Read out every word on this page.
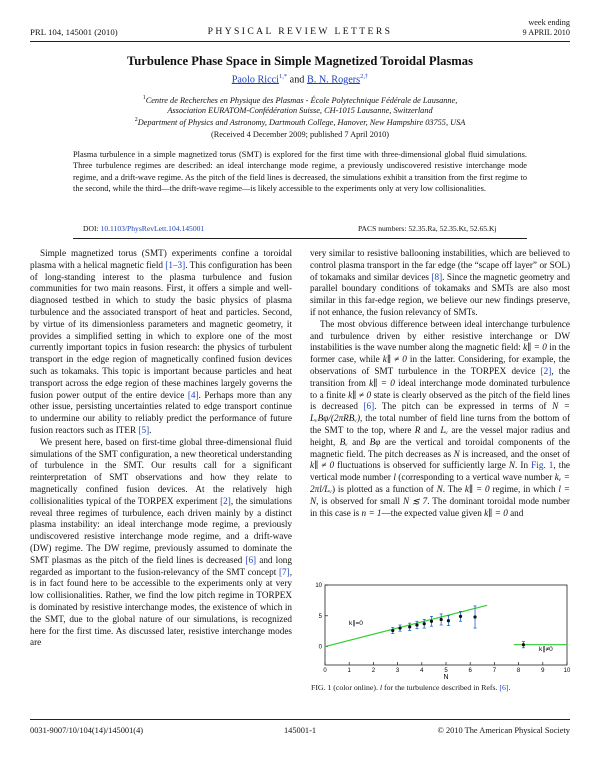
PRL 104, 145001 (2010)	PHYSICAL REVIEW LETTERS
week ending
9 APRIL 2010
Turbulence Phase Space in Simple Magnetized Toroidal Plasmas
Paolo Ricci$^{1,*}$ and B. N. Rogers$^{2,\dagger}$
$^1$Centre de Recherches en Physique des Plasmas - École Polytechnique Fédérale de Lausanne,
Association EURATOM-Confédération Suisse, CH-1015 Lausanne, Switzerland
$^2$Department of Physics and Astronomy, Dartmouth College, Hanover, New Hampshire 03755, USA
(Received 4 December 2009; published 7 April 2010)
Plasma turbulence in a simple magnetized torus (SMT) is explored for the first time with three-dimensional global fluid simulations. Three turbulence regimes are described: an ideal interchange mode regime, a previously undiscovered resistive interchange mode regime, and a drift-wave regime. As the pitch of the field lines is decreased, the simulations exhibit a transition from the first regime to the second, while the third—the drift-wave regime—is likely accessible to the experiments only at very low collisionalities.
DOI: 10.1103/PhysRevLett.104.145001	PACS numbers: 52.35.Ra, 52.35.Kt, 52.65.Kj

Simple magnetized torus (SMT) experiments confine a toroidal plasma with a helical magnetic field [1–3]. This configuration has been of long-standing interest to the plasma turbulence and fusion communities for two main reasons. First, it offers a simple and well-diagnosed testbed in which to study the basic physics of plasma turbulence and the associated transport of heat and particles. Second, by virtue of its dimensionless parameters and magnetic geometry, it provides a simplified setting in which to explore one of the most currently important topics in fusion research: the physics of turbulent transport in the edge region of magnetically confined fusion devices such as tokamaks. This topic is important because particles and heat transport across the edge region of these machines largely governs the fusion power output of the entire device [4]. Perhaps more than any other issue, persisting uncertainties related to edge transport continue to undermine our ability to reliably predict the performance of future fusion reactors such as ITER [5].

We present here, based on first-time global three-dimensional fluid simulations of the SMT configuration, a new theoretical understanding of turbulence in the SMT. Our results call for a significant reinterpretation of SMT observations and how they relate to magnetically confined fusion devices. At the relatively high collisionalities typical of the TORPEX experiment [2], the simulations reveal three regimes of turbulence, each driven mainly by a distinct plasma instability: an ideal interchange mode regime, a previously undiscovered resistive interchange mode regime, and a drift-wave (DW) regime. The DW regime, previously assumed to dominate the SMT plasmas as the pitch of the field lines is decreased [6] and long regarded as important to the fusion-relevancy of the SMT concept [7], is in fact found here to be accessible to the experiments only at very low collisionalities. Rather, we find the low pitch regime in TORPEX is dominated by resistive interchange modes, the existence of which in the SMT, due to the global nature of our simulations, is recognized here for the first time. As discussed later, resistive interchange modes are

very similar to resistive ballooning instabilities, which are believed to control plasma transport in the far edge (the “scape off layer” or SOL) of tokamaks and similar devices [8]. Since the magnetic geometry and parallel boundary conditions of tokamaks and SMTs are also most similar in this far-edge region, we believe our new findings preserve, if not enhance, the fusion relevancy of SMTs.

The most obvious difference between ideal interchange turbulence and turbulence driven by either resistive interchange or DW instabilities is the wave number along the magnetic field: k∥ = 0 in the former case, while k∥ ≠ 0 in the latter. Considering, for example, the observations of SMT turbulence in the TORPEX device [2], the transition from k∥ = 0 ideal interchange mode dominated turbulence to a finite k∥ ≠ 0 state is clearly observed as the pitch of the field lines is decreased [6]. The pitch can be expressed in terms of N = LᵥBφ/(2πRBᵥ), the total number of field line turns from the bottom of the SMT to the top, where R and Lᵥ are the vessel major radius and height, Bᵥ and Bφ are the vertical and toroidal components of the magnetic field. The pitch decreases as N is increased, and the onset of k∥ ≠ 0 fluctuations is observed for sufficiently large N. In Fig. 1, the vertical mode number l (corresponding to a vertical wave number kᵥ = 2πl/Lᵥ) is plotted as a function of N. The k∥ = 0 regime, in which l = N, is observed for small N ≲ 7. The dominant toroidal mode number in this case is n = 1—the expected value given k∥ = 0 and

0	1	2	3	4	5	6	7	8	9	10
0
5
10
k∥=0
k∥≠0
N
FIG. 1 (color online). l for the turbulence described in Refs. [6].
0031-9007/10/104(14)/145001(4)	145001-1	© 2010 The American Physical Society
